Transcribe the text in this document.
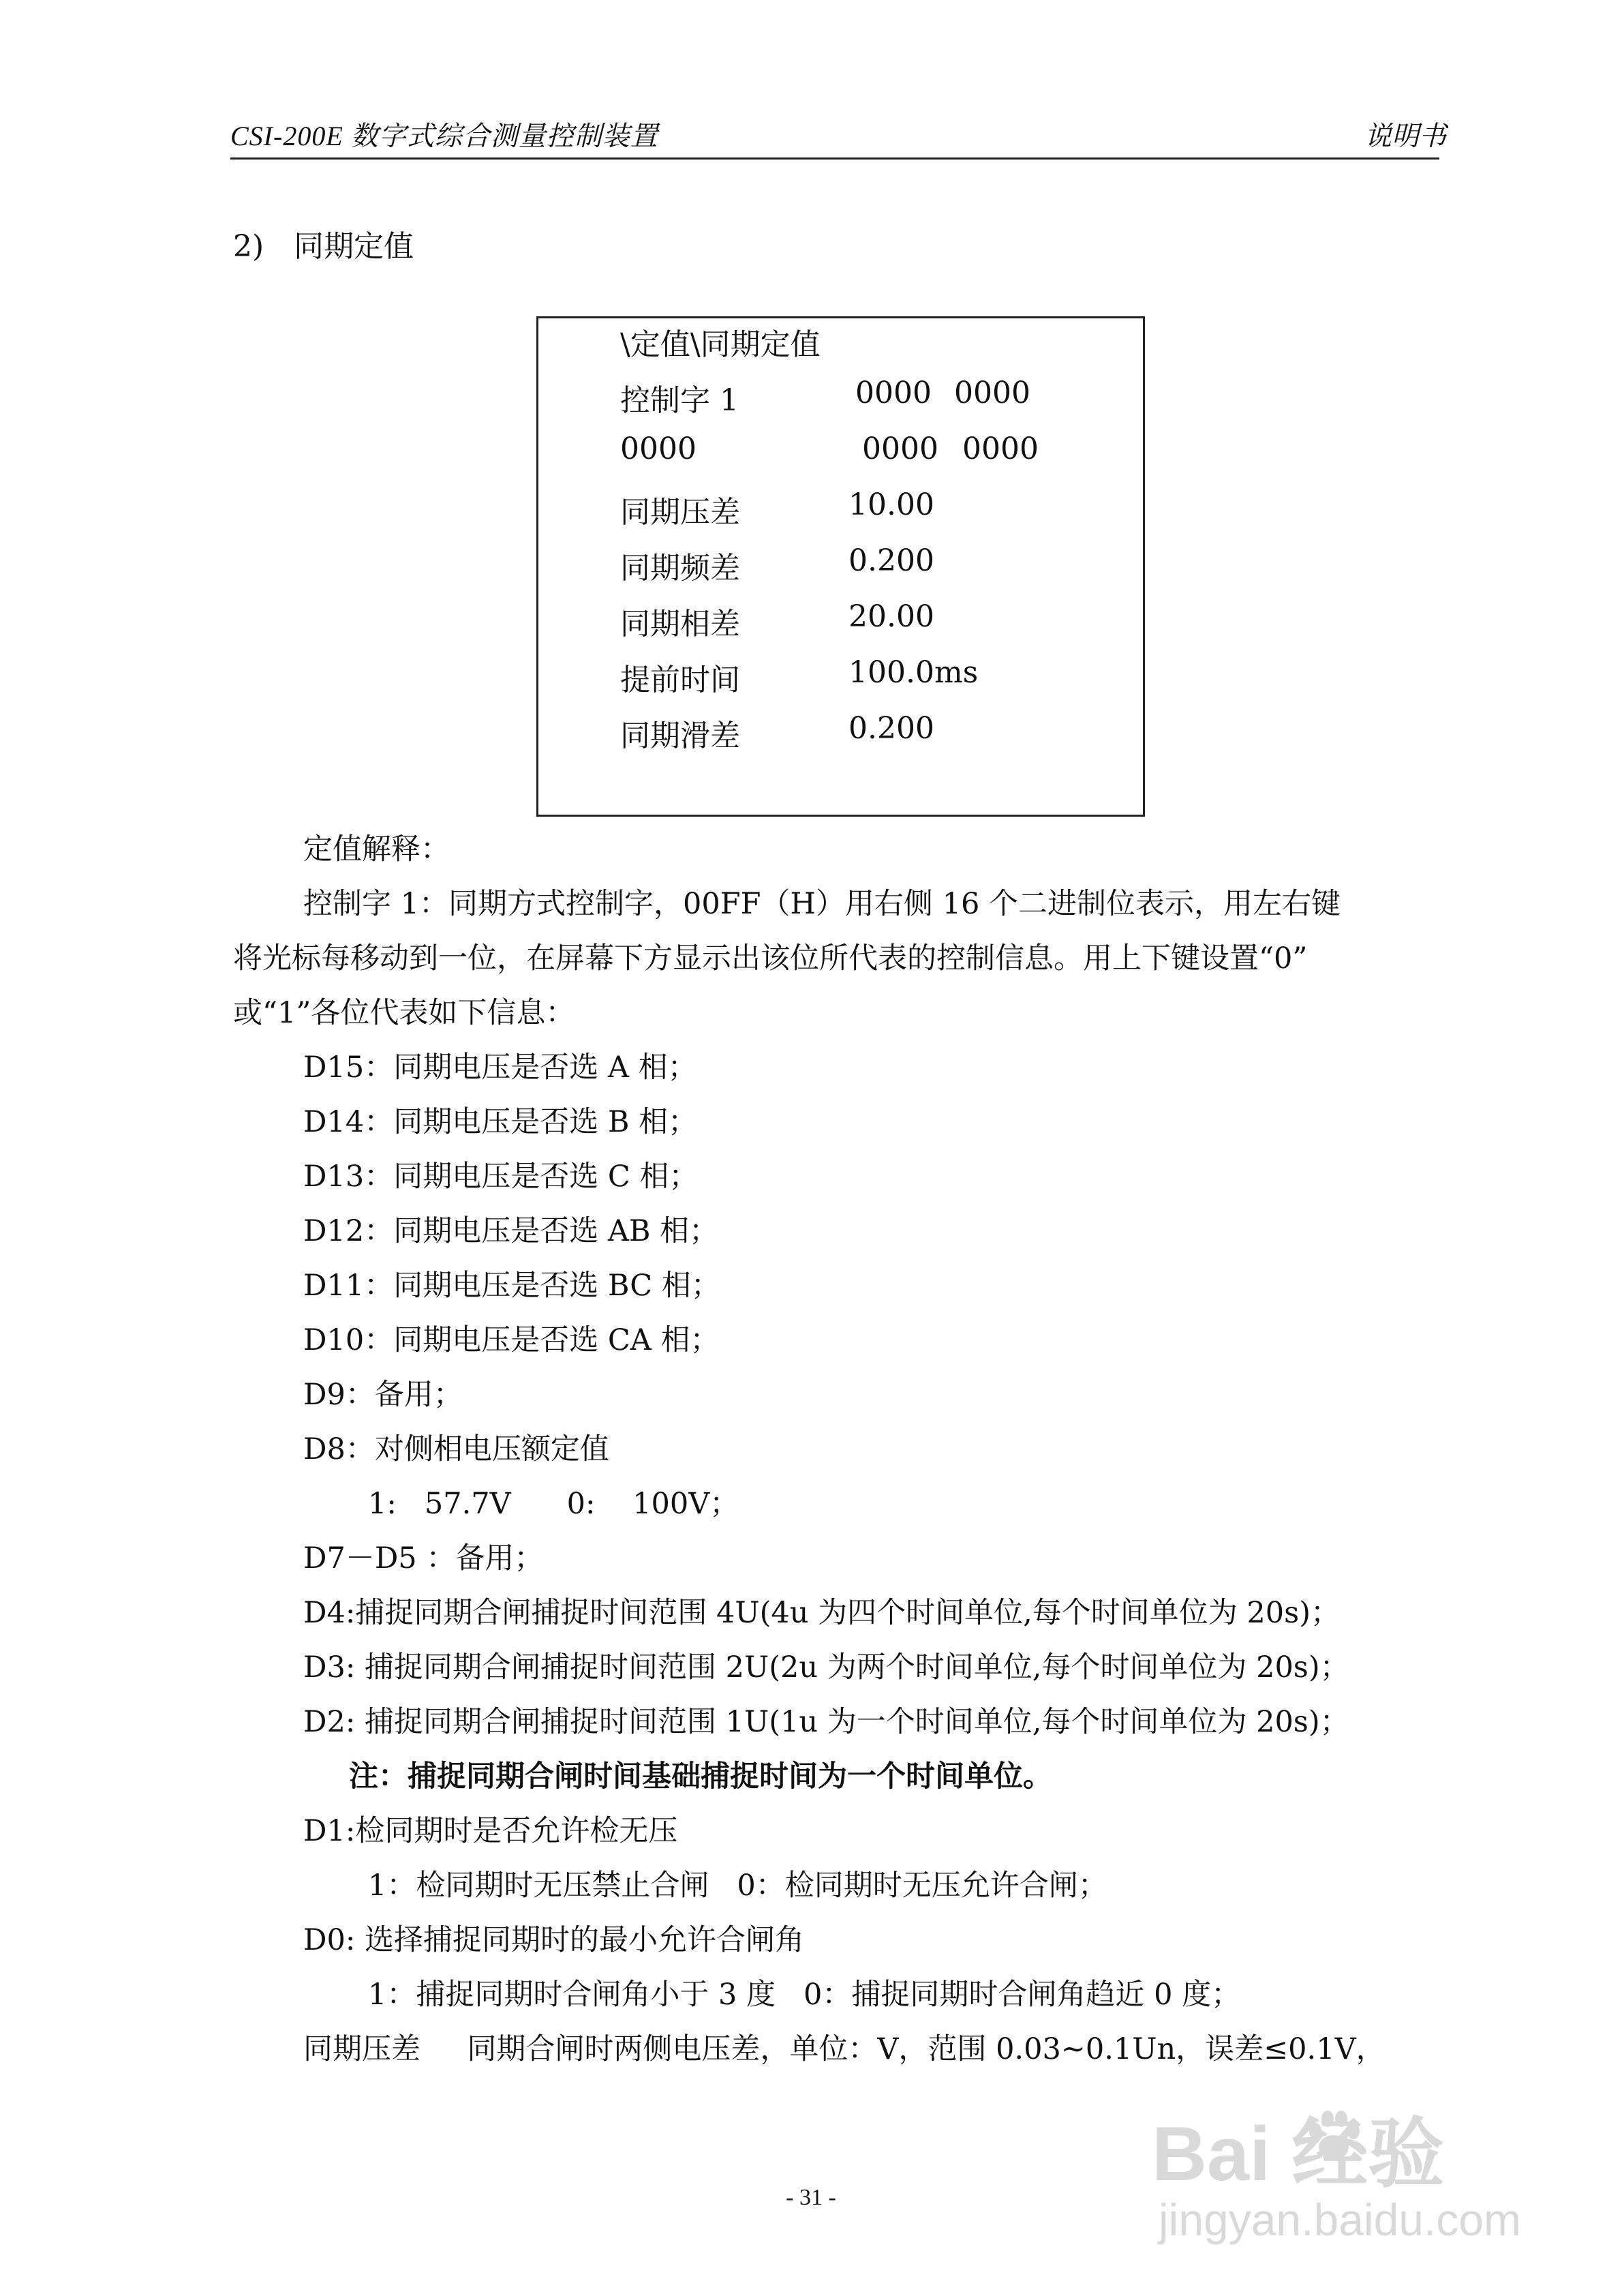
CSI-200E 数字式综合测量控制装置	说明书
2)　同期定值
\定值\同期定值
控制字 1	0000 0000
0000	0000 0000
同期压差	10.00
同期频差	0.200
同期相差	20.00
提前时间	100.0ms
同期滑差	0.200
定值解释：
控制字 1：同期方式控制字，00FF（H）用右侧 16 个二进制位表示，用左右键
将光标每移动到一位，在屏幕下方显示出该位所代表的控制信息。用上下键设置“0”
或“1”各位代表如下信息：
D15：同期电压是否选 A 相；
D14：同期电压是否选 B 相；
D13：同期电压是否选 C 相；
D12：同期电压是否选 AB 相；
D11：同期电压是否选 BC 相；
D10：同期电压是否选 CA 相；
D9：备用；
D8：对侧相电压额定值
1:   57.7V      0:    100V；
D7－D5 ：备用；
D4:捕捉同期合闸捕捉时间范围 4U(4u 为四个时间单位,每个时间单位为 20s)；
D3: 捕捉同期合闸捕捉时间范围 2U(2u 为两个时间单位,每个时间单位为 20s)；
D2: 捕捉同期合闸捕捉时间范围 1U(1u 为一个时间单位,每个时间单位为 20s)；
注：捕捉同期合闸时间基础捕捉时间为一个时间单位。
D1:检同期时是否允许检无压
1：检同期时无压禁止合闸   0：检同期时无压允许合闸；
D0: 选择捕捉同期时的最小允许合闸角
1：捕捉同期时合闸角小于 3 度   0：捕捉同期时合闸角趋近 0 度；
同期压差     同期合闸时两侧电压差，单位：V，范围 0.03~0.1Un，误差≤0.1V，
Bai 经验
jingyan.baidu.com
- 31 -
